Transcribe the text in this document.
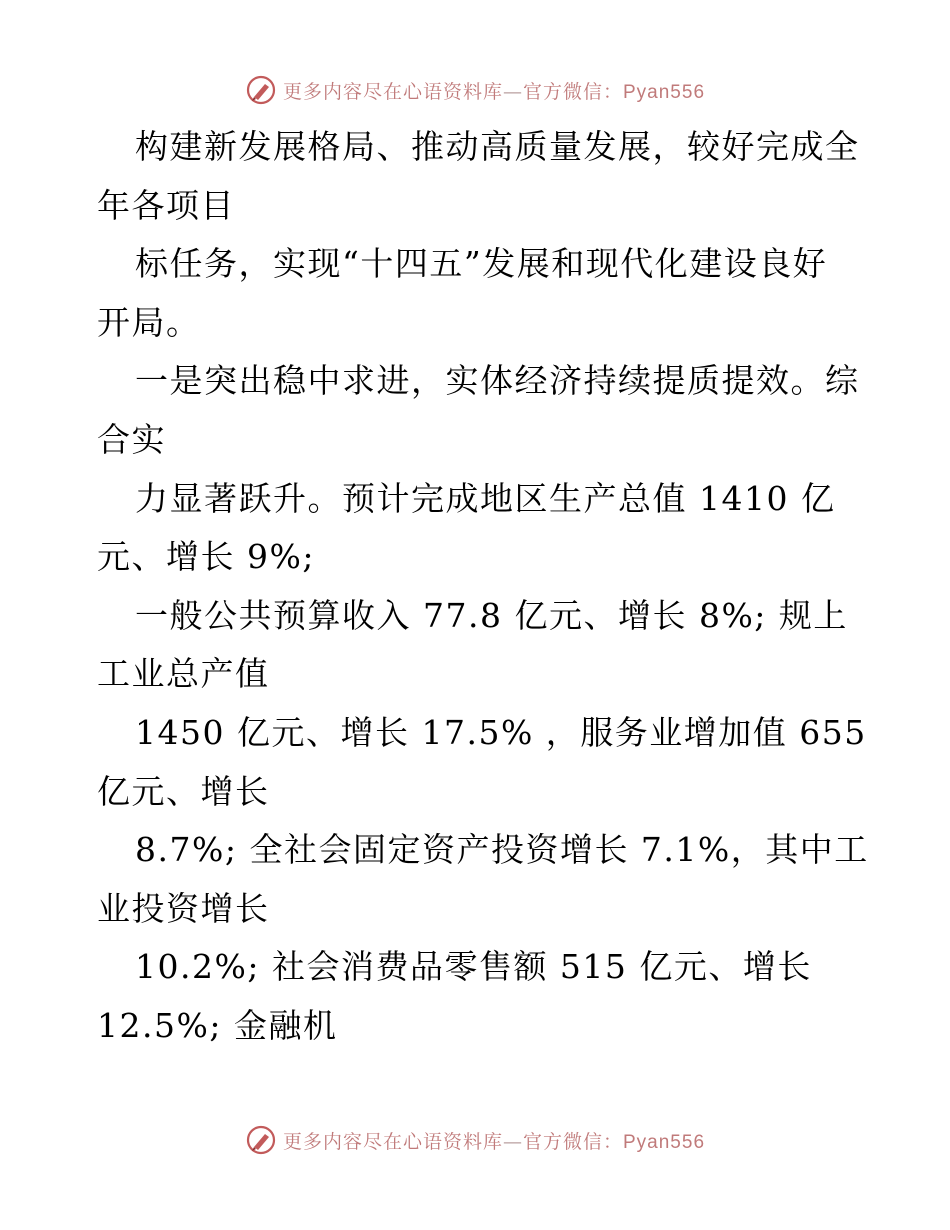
更多内容尽在心语资料库—官方微信：Pyan556
构建新发展格局、推动高质量发展，较好完成全
年各项目
标任务，实现“十四五”发展和现代化建设良好
开局。
一是突出稳中求进，实体经济持续提质提效。综
合实
力显著跃升。预计完成地区生产总值 1410 亿
元、增长 9%;
一般公共预算收入 77.8 亿元、增长 8%; 规上
工业总产值
1450 亿元、增长 17.5% ，服务业增加值 655
亿元、增长
8.7%; 全社会固定资产投资增长 7.1%，其中工
业投资增长
10.2%; 社会消费品零售额 515 亿元、增长
12.5%; 金融机
更多内容尽在心语资料库—官方微信：Pyan556
